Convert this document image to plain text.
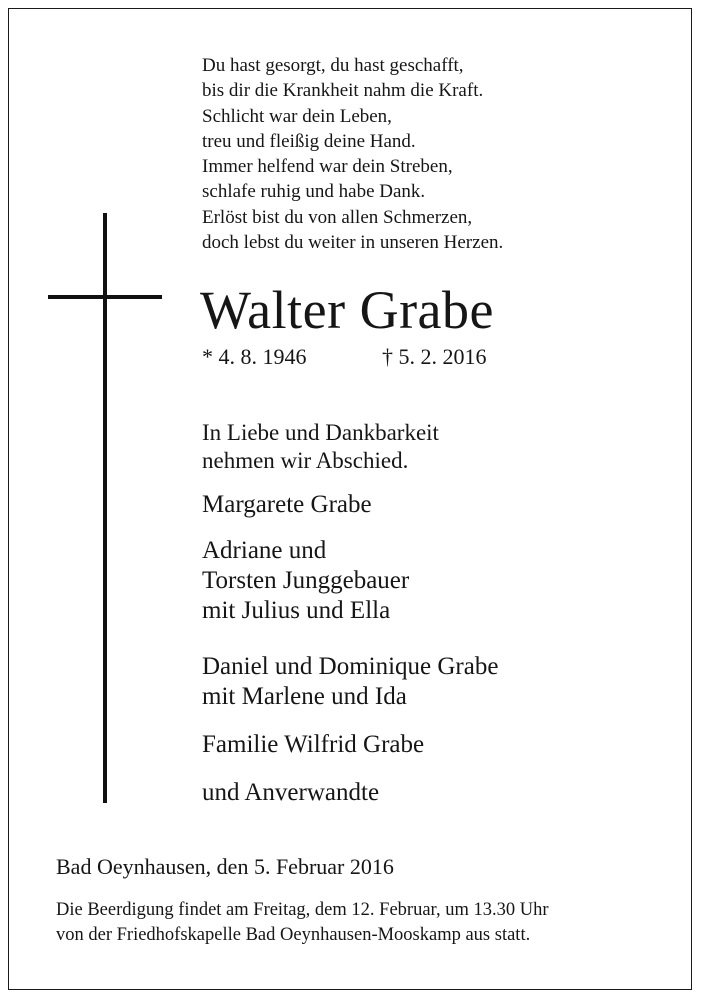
Du hast gesorgt, du hast geschafft,
bis dir die Krankheit nahm die Kraft.
Schlicht war dein Leben,
treu und fleißig deine Hand.
Immer helfend war dein Streben,
schlafe ruhig und habe Dank.
Erlöst bist du von allen Schmerzen,
doch lebst du weiter in unseren Herzen.
Walter Grabe
* 4. 8. 1946	† 5. 2. 2016
In Liebe und Dankbarkeit
nehmen wir Abschied.
Margarete Grabe
Adriane und
Torsten Junggebauer
mit Julius und Ella
Daniel und Dominique Grabe
mit Marlene und Ida
Familie Wilfrid Grabe
und Anverwandte
Bad Oeynhausen, den 5. Februar 2016
Die Beerdigung findet am Freitag, dem 12. Februar, um 13.30 Uhr
von der Friedhofskapelle Bad Oeynhausen-Mooskamp aus statt.
